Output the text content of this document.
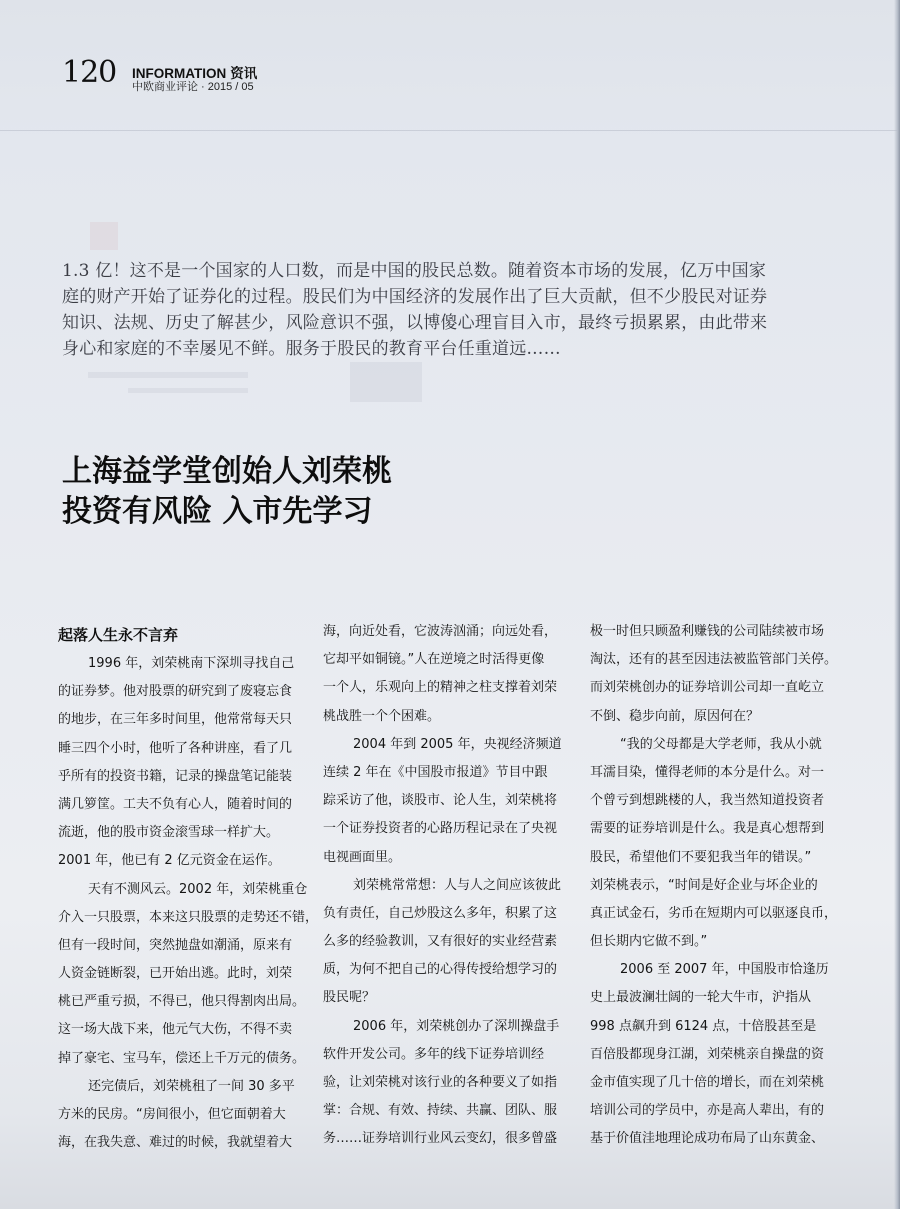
120 INFORMATION 资讯
中欧商业评论 · 2015 / 05

1.3 亿！这不是一个国家的人口数，而是中国的股民总数。随着资本市场的发展，亿万中国家

庭的财产开始了证券化的过程。股民们为中国经济的发展作出了巨大贡献，但不少股民对证券

知识、法规、历史了解甚少，风险意识不强，以博傻心理盲目入市，最终亏损累累，由此带来

身心和家庭的不幸屡见不鲜。服务于股民的教育平台任重道远……

上海益学堂创始人刘荣桃
投资有风险 入市先学习
起落人生永不言弃
1996 年，刘荣桃南下深圳寻找自己
的证券梦。他对股票的研究到了废寝忘食
的地步，在三年多时间里，他常常每天只
睡三四个小时，他听了各种讲座，看了几
乎所有的投资书籍，记录的操盘笔记能装
满几箩筐。工夫不负有心人，随着时间的
流逝，他的股市资金滚雪球一样扩大。
2001 年，他已有 2 亿元资金在运作。
天有不测风云。2002 年，刘荣桃重仓
介入一只股票，本来这只股票的走势还不错，
但有一段时间，突然抛盘如潮涌，原来有
人资金链断裂，已开始出逃。此时，刘荣
桃已严重亏损，不得已，他只得割肉出局。
这一场大战下来，他元气大伤，不得不卖
掉了豪宅、宝马车，偿还上千万元的债务。
还完债后，刘荣桃租了一间 30 多平
方米的民房。“房间很小，但它面朝着大
海，在我失意、难过的时候，我就望着大
海，向近处看，它波涛汹涌；向远处看，
它却平如铜镜。”人在逆境之时活得更像
一个人，乐观向上的精神之柱支撑着刘荣
桃战胜一个个困难。
2004 年到 2005 年，央视经济频道
连续 2 年在《中国股市报道》节目中跟
踪采访了他，谈股市、论人生，刘荣桃将
一个证券投资者的心路历程记录在了央视
电视画面里。
刘荣桃常常想：人与人之间应该彼此
负有责任，自己炒股这么多年，积累了这
么多的经验教训，又有很好的实业经营素
质，为何不把自己的心得传授给想学习的
股民呢？
2006 年，刘荣桃创办了深圳操盘手
软件开发公司。多年的线下证券培训经
验，让刘荣桃对该行业的各种要义了如指
掌：合规、有效、持续、共赢、团队、服
务……证券培训行业风云变幻，很多曾盛
极一时但只顾盈利赚钱的公司陆续被市场
淘汰，还有的甚至因违法被监管部门关停。
而刘荣桃创办的证券培训公司却一直屹立
不倒、稳步向前，原因何在？
“我的父母都是大学老师，我从小就
耳濡目染，懂得老师的本分是什么。对一
个曾亏到想跳楼的人，我当然知道投资者
需要的证券培训是什么。我是真心想帮到
股民，希望他们不要犯我当年的错误。”
刘荣桃表示，“时间是好企业与坏企业的
真正试金石，劣币在短期内可以驱逐良币，
但长期内它做不到。”
2006 至 2007 年，中国股市恰逢历
史上最波澜壮阔的一轮大牛市，沪指从
998 点飙升到 6124 点，十倍股甚至是
百倍股都现身江湖，刘荣桃亲自操盘的资
金市值实现了几十倍的增长，而在刘荣桃
培训公司的学员中，亦是高人辈出，有的
基于价值洼地理论成功布局了山东黄金、
